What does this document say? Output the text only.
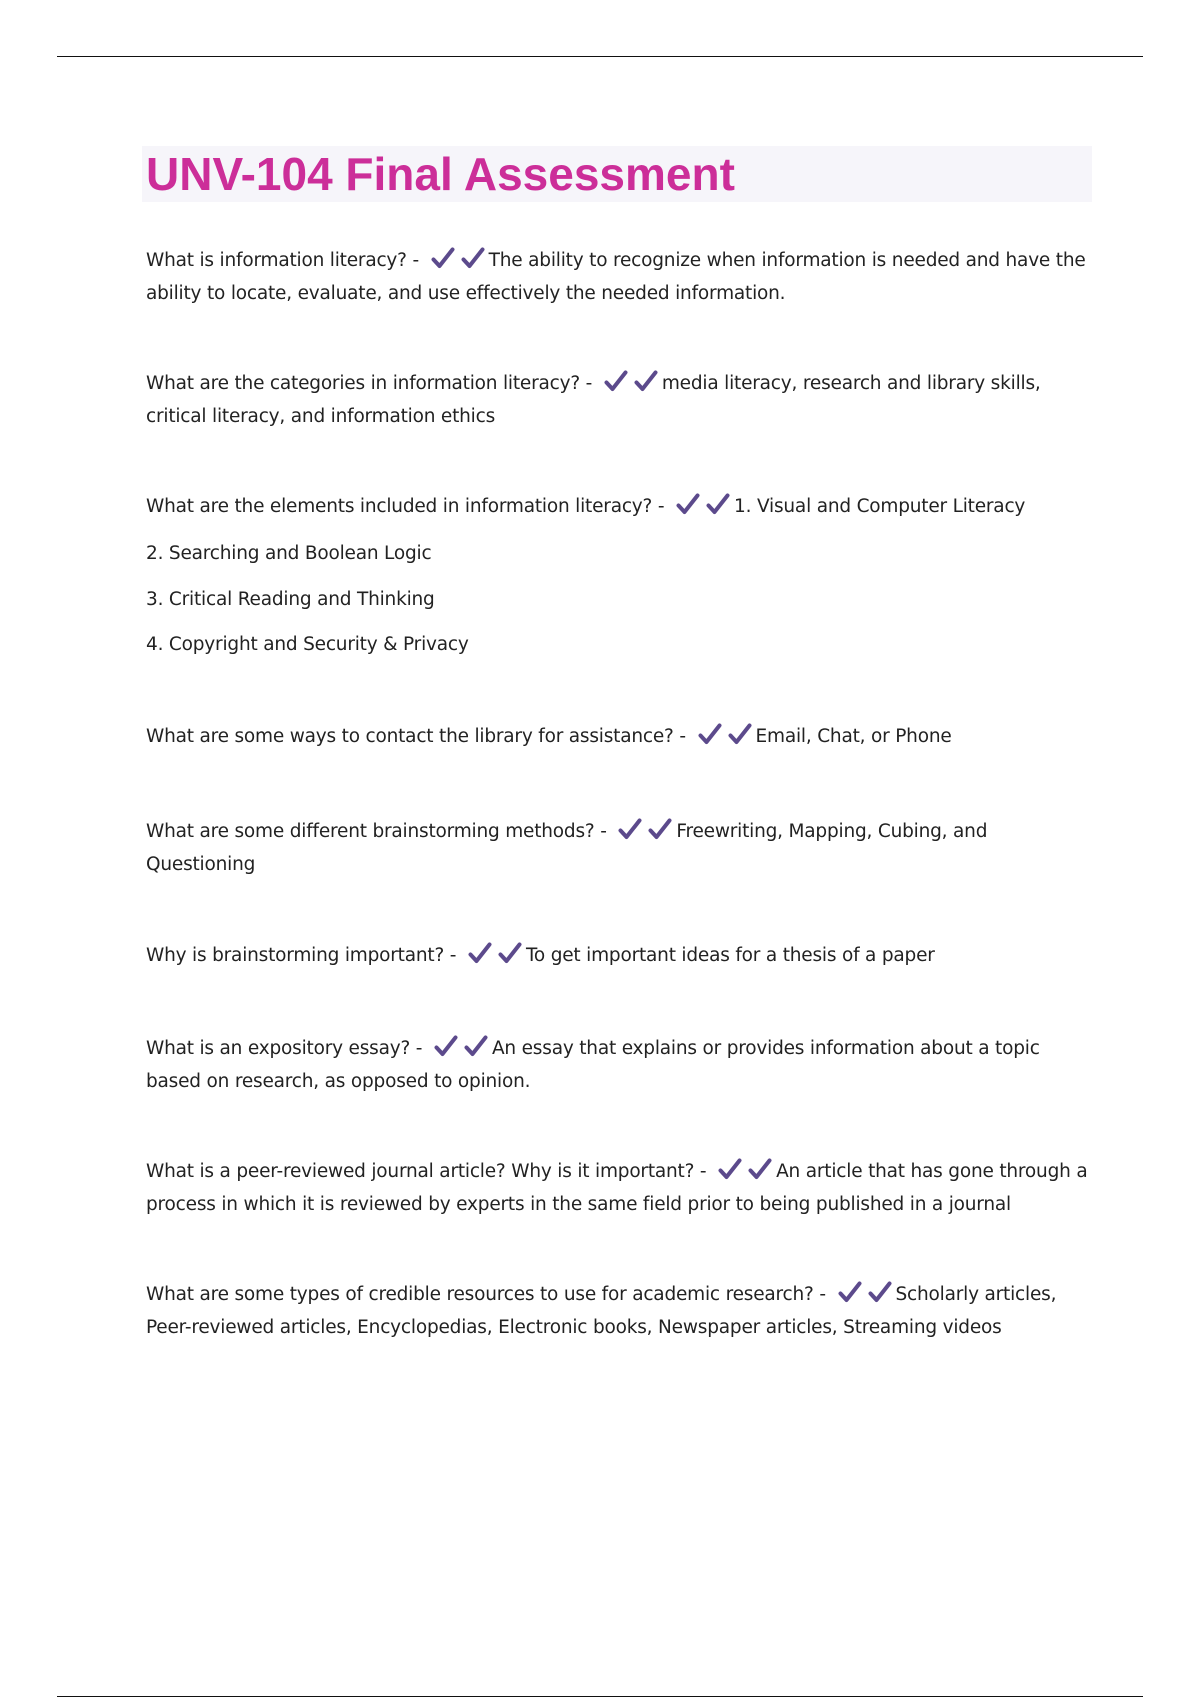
UNV-104 Final Assessment

What is information literacy? -	The ability to recognize when information is needed and have the ability to locate, evaluate, and use effectively the needed information.

What are the categories in information literacy? -	media literacy, research and library skills, critical literacy, and information ethics

What are the elements included in information literacy? -	1. Visual and Computer Literacy

2. Searching and Boolean Logic

3. Critical Reading and Thinking

4. Copyright and Security & Privacy

What are some ways to contact the library for assistance? -	Email, Chat, or Phone

What are some different brainstorming methods? -	Freewriting, Mapping, Cubing, and Questioning

Why is brainstorming important? -	To get important ideas for a thesis of a paper

What is an expository essay? -	An essay that explains or provides information about a topic based on research, as opposed to opinion.

What is a peer-reviewed journal article? Why is it important? -	An article that has gone through a process in which it is reviewed by experts in the same field prior to being published in a journal

What are some types of credible resources to use for academic research? -	Scholarly articles, Peer-reviewed articles, Encyclopedias, Electronic books, Newspaper articles, Streaming videos
